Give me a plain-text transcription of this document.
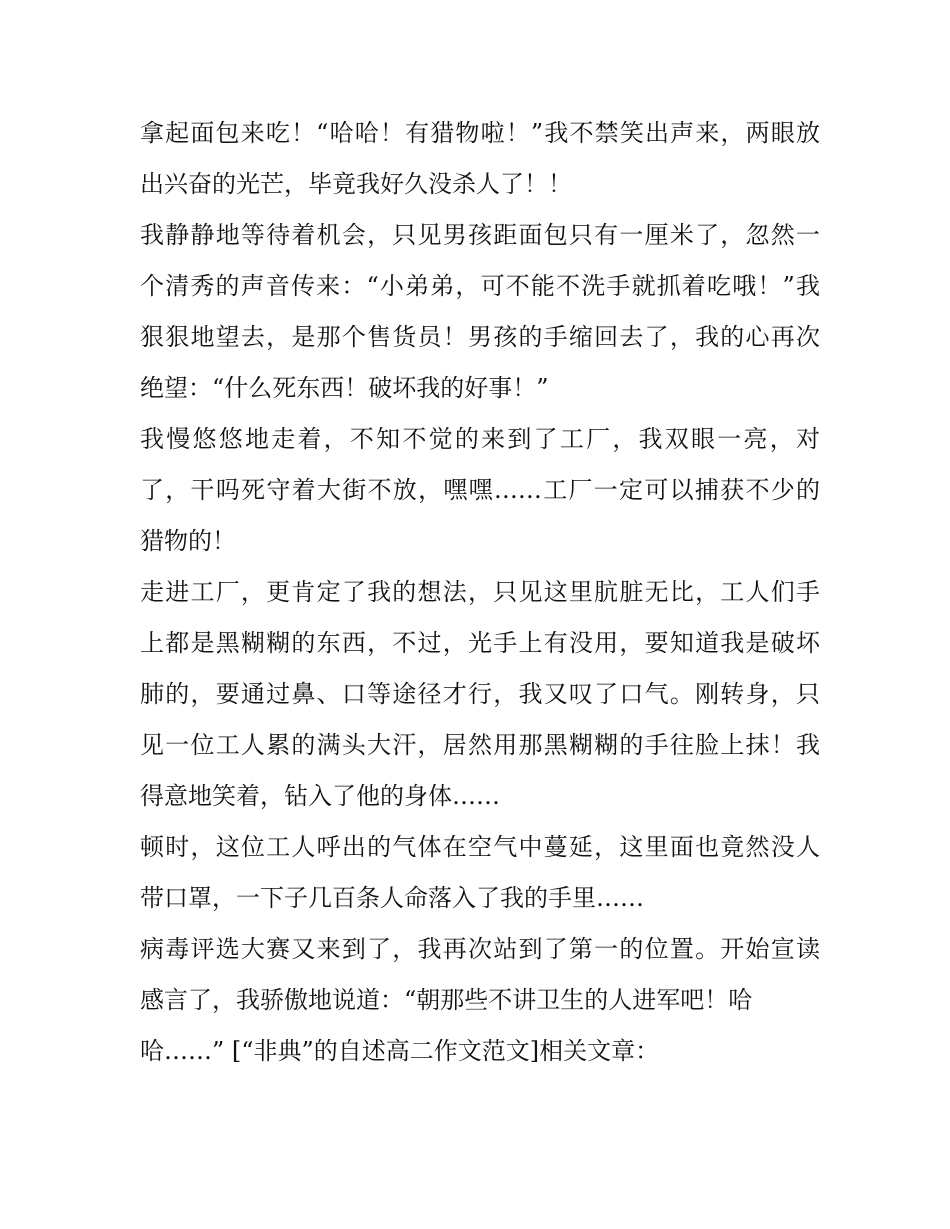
拿起面包来吃！“哈哈！有猎物啦！”我不禁笑出声来，两眼放
出兴奋的光芒，毕竟我好久没杀人了！！

我静静地等待着机会，只见男孩距面包只有一厘米了，忽然一
个清秀的声音传来：“小弟弟，可不能不洗手就抓着吃哦！”我
狠狠地望去，是那个售货员！男孩的手缩回去了，我的心再次
绝望：“什么死东西！破坏我的好事！”

我慢悠悠地走着，不知不觉的来到了工厂，我双眼一亮，对
了，干吗死守着大街不放，嘿嘿……工厂一定可以捕获不少的
猎物的！

走进工厂，更肯定了我的想法，只见这里肮脏无比，工人们手
上都是黑糊糊的东西，不过，光手上有没用，要知道我是破坏
肺的，要通过鼻、口等途径才行，我又叹了口气。刚转身，只
见一位工人累的满头大汗，居然用那黑糊糊的手往脸上抹！我
得意地笑着，钻入了他的身体……

顿时，这位工人呼出的气体在空气中蔓延，这里面也竟然没人
带口罩，一下子几百条人命落入了我的手里……

病毒评选大赛又来到了，我再次站到了第一的位置。开始宣读
感言了，我骄傲地说道：“朝那些不讲卫生的人进军吧！哈
哈……” [“非典”的自述高二作文范文]相关文章：
